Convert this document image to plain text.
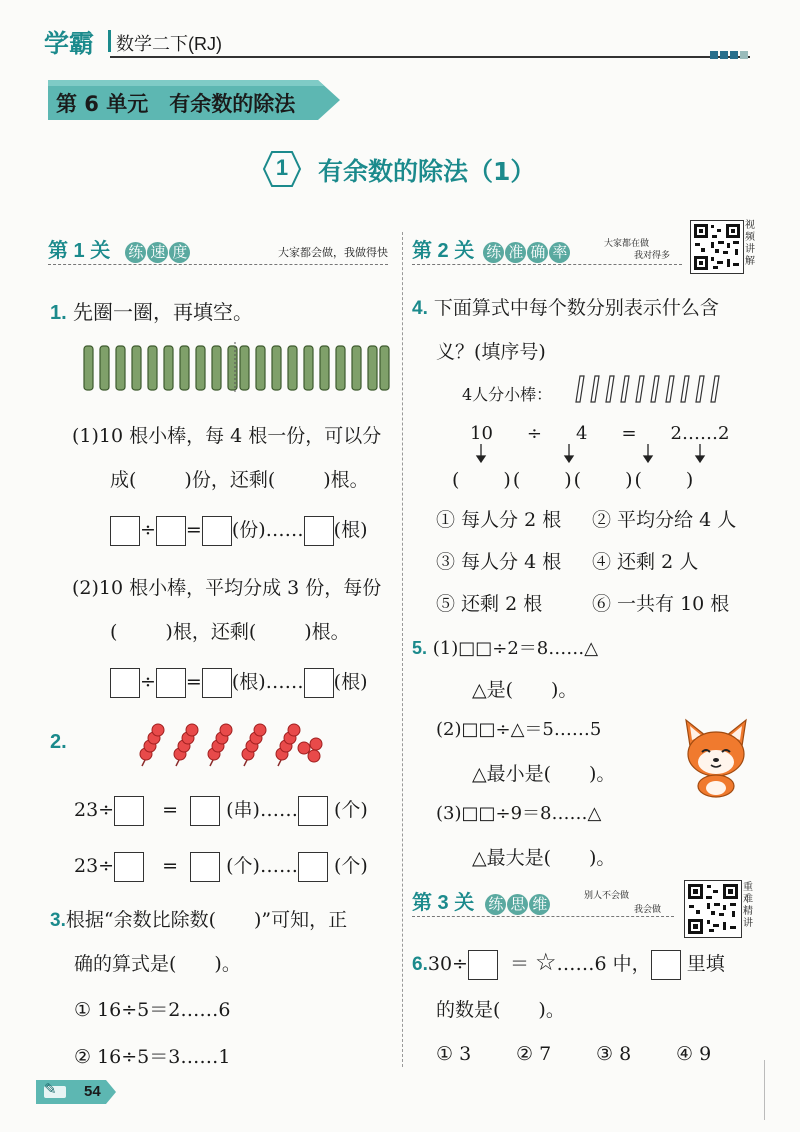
学霸 数学二下(RJ)
第 6 单元　有余数的除法
1 有余数的除法（1）
第 1 关 练 速 度	大家都会做，我做得快
1. 先圈一圈，再填空。
(1)10 根小棒，每 4 根一份，可以分
成(	)份，还剩(	)根。
÷ = (份)…… (根)
(2)10 根小棒，平均分成 3 份，每份
(	)根，还剩(	)根。
÷ = (根)…… (根)
2.
23÷	=	(串)…… (个)
23÷	=	(个)…… (个)
3.根据“余数比除数(　　)”可知，正
确的算式是(　　)。
① 16÷5＝2……6
② 16÷5＝3……1
第 2 关 练 准 确 率
大家都在做
我对得多
视频讲解
4. 下面算式中每个数分别表示什么含
义？(填序号)
4人分小棒：
10 ÷ 4 = 2……2
(　　)(　　)(　　)(　　)
① 每人分 2 根 ② 平均分给 4 人
③ 每人分 4 根 ④ 还剩 2 人
⑤ 还剩 2 根	⑥ 一共有 10 根
5. (1)□□÷2＝8……△
△是(　　)。
(2)□□÷△＝5……5
△最小是(　　)。
(3)□□÷9＝8……△
△最大是(　　)。
第 3 关 练 思 维
别人不会做
我会做
重难精讲
6.30÷ ＝ ☆……6 中， 里填
的数是(　　)。
① 3 ② 7 ③ 8 ④ 9
✎ 54
